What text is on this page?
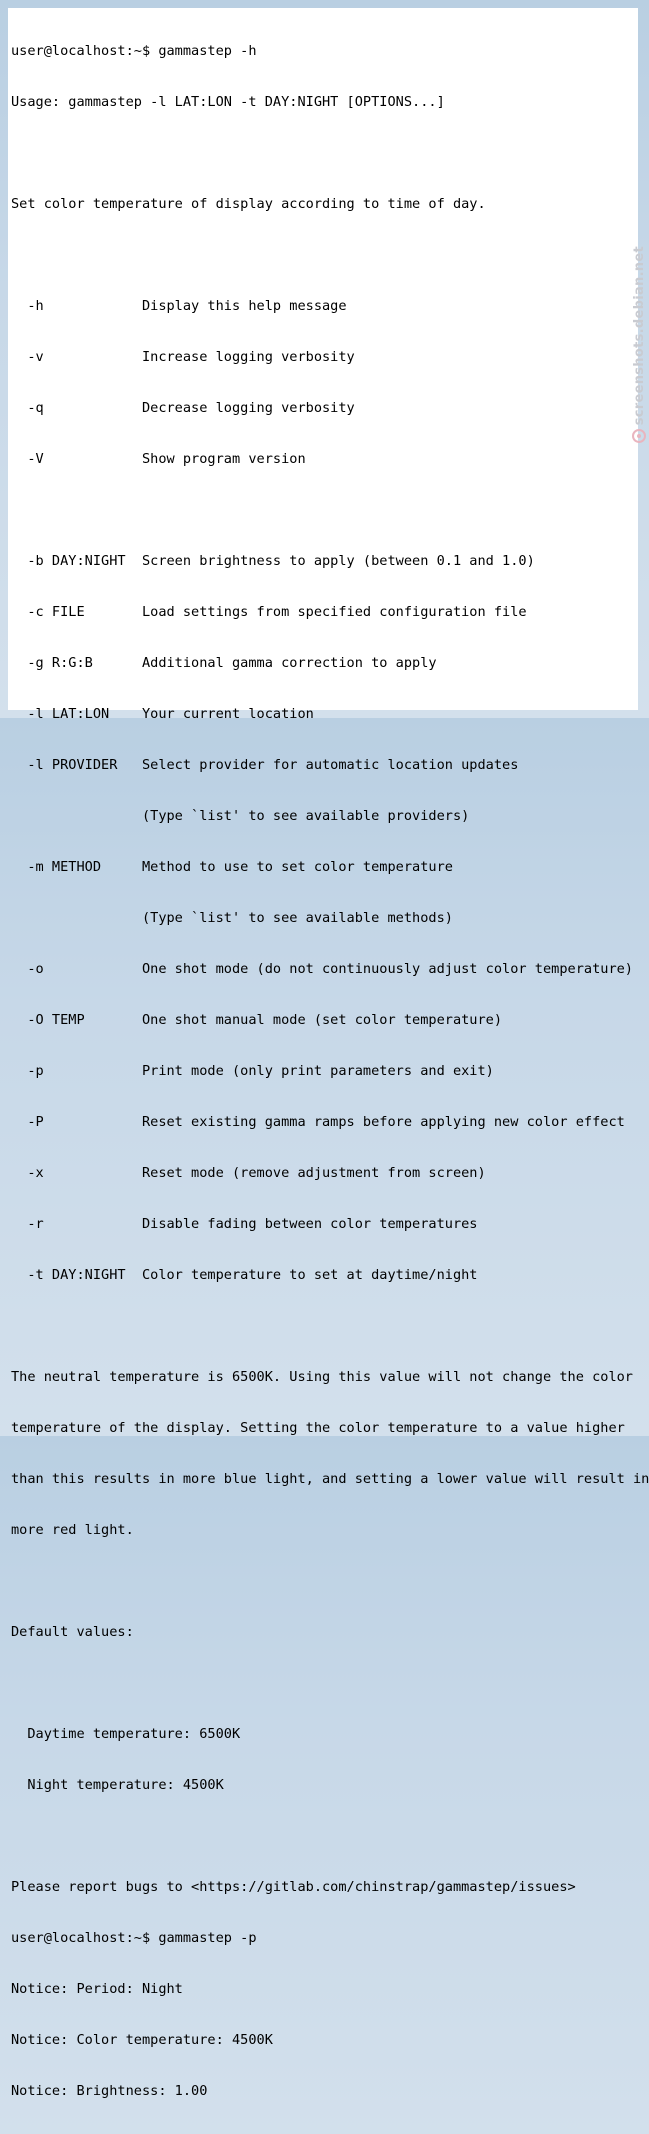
user@localhost:~$ gammastep -h

Usage: gammastep -l LAT:LON -t DAY:NIGHT [OPTIONS...]

Set color temperature of display according to time of day.

-h            Display this help message

-v            Increase logging verbosity

-q            Decrease logging verbosity

-V            Show program version

-b DAY:NIGHT  Screen brightness to apply (between 0.1 and 1.0)

-c FILE       Load settings from specified configuration file

-g R:G:B      Additional gamma correction to apply

-l LAT:LON    Your current location

-l PROVIDER   Select provider for automatic location updates

(Type `list' to see available providers)

-m METHOD     Method to use to set color temperature

(Type `list' to see available methods)

-o            One shot mode (do not continuously adjust color temperature)

-O TEMP       One shot manual mode (set color temperature)

-p            Print mode (only print parameters and exit)

-P            Reset existing gamma ramps before applying new color effect

-x            Reset mode (remove adjustment from screen)

-r            Disable fading between color temperatures

-t DAY:NIGHT  Color temperature to set at daytime/night

The neutral temperature is 6500K. Using this value will not change the color

temperature of the display. Setting the color temperature to a value higher

than this results in more blue light, and setting a lower value will result in

more red light.

Default values:

Daytime temperature: 6500K

Night temperature: 4500K

Please report bugs to <https://gitlab.com/chinstrap/gammastep/issues>

user@localhost:~$ gammastep -p

Notice: Period: Night

Notice: Color temperature: 4500K

Notice: Brightness: 1.00

screenshots.debian.net
